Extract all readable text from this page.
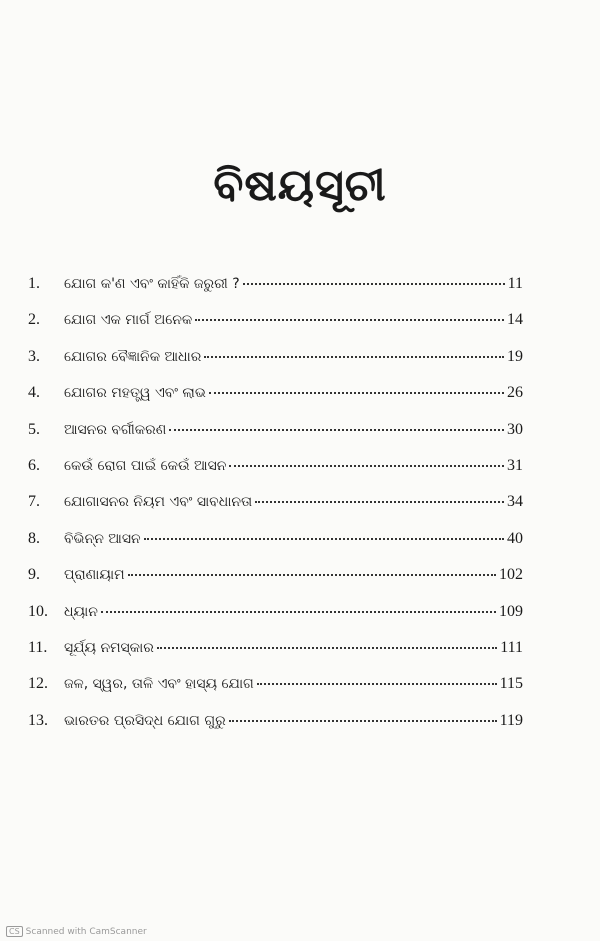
ବିଷୟସୂଚୀ
1.	ଯୋଗ କ'ଣ ଏବଂ କାହିଁକି ଜରୁରୀ ?	11
2.	ଯୋଗ ଏକ ମାର୍ଗ ଅନେକ	14
3.	ଯୋଗର ବୈଜ୍ଞାନିକ ଆଧାର	19
4.	ଯୋଗର ମହତ୍ତ୍ୱ ଏବଂ ଲାଭ	26
5.	ଆସନର ବର୍ଗୀକରଣ	30
6.	କେଉଁ ରୋଗ ପାଇଁ କେଉଁ ଆସନ	31
7.	ଯୋଗାସନର ନିୟମ ଏବଂ ସାବଧାନତା	34
8.	ବିଭିନ୍ନ ଆସନ	40
9.	ପ୍ରାଣାୟାମ	102
10.	ଧ୍ୟାନ	109
11.	ସୂର୍ଯ୍ୟ ନମସ୍କାର	111
12.	ଜଳ, ସ୍ୱର, ତାଳି ଏବଂ ହାସ୍ୟ ଯୋଗ	115
13.	ଭାରତର ପ୍ରସିଦ୍ଧ ଯୋଗ ଗୁରୁ	119
CS Scanned with CamScanner
